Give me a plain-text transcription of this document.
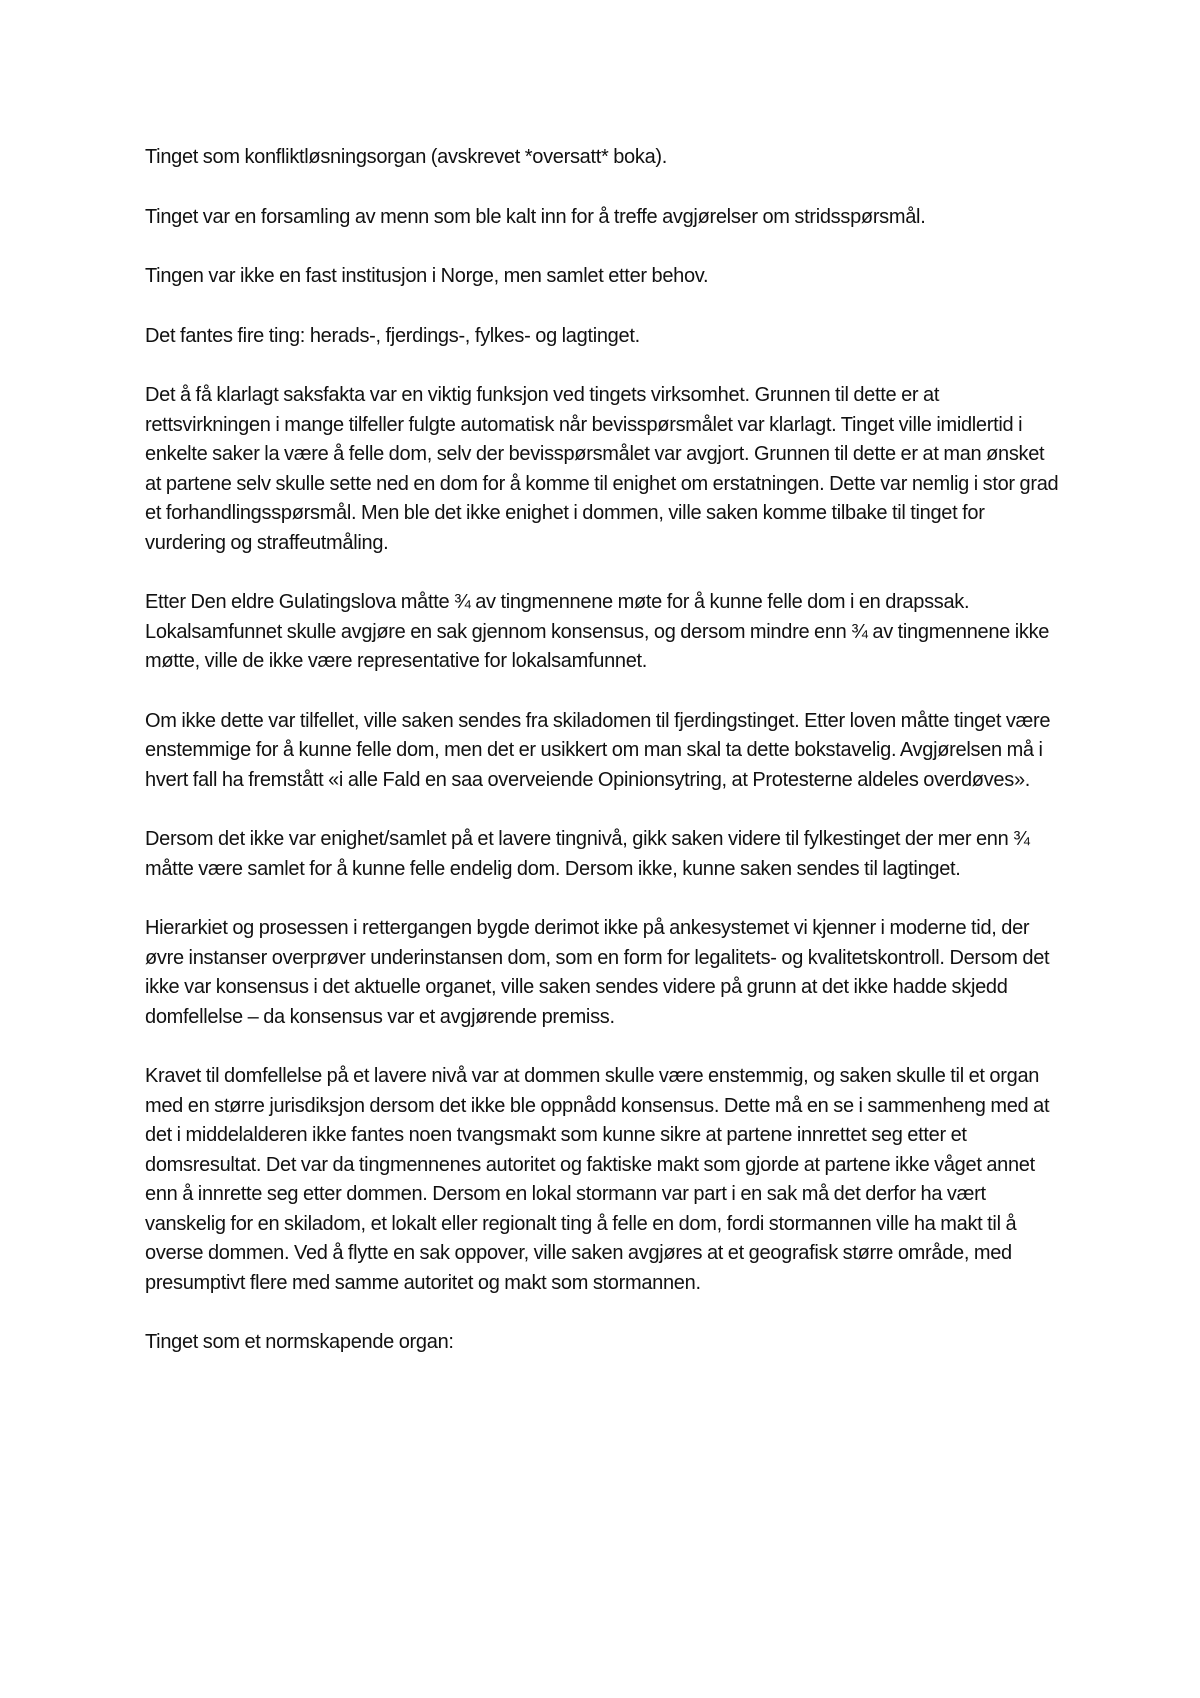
Tinget som konfliktløsningsorgan (avskrevet *oversatt* boka).

Tinget var en forsamling av menn som ble kalt inn for å treffe avgjørelser om stridsspørsmål.

Tingen var ikke en fast institusjon i Norge, men samlet etter behov.

Det fantes fire ting: herads-, fjerdings-, fylkes- og lagtinget.

Det å få klarlagt saksfakta var en viktig funksjon ved tingets virksomhet. Grunnen til dette er at rettsvirkningen i mange tilfeller fulgte automatisk når bevisspørsmålet var klarlagt. Tinget ville imidlertid i enkelte saker la være å felle dom, selv der bevisspørsmålet var avgjort. Grunnen til dette er at man ønsket at partene selv skulle sette ned en dom for å komme til enighet om erstatningen. Dette var nemlig i stor grad et forhandlingsspørsmål. Men ble det ikke enighet i dommen, ville saken komme tilbake til tinget for vurdering og straffeutmåling.

Etter Den eldre Gulatingslova måtte ¾ av tingmennene møte for å kunne felle dom i en drapssak. Lokalsamfunnet skulle avgjøre en sak gjennom konsensus, og dersom mindre enn ¾ av tingmennene ikke møtte, ville de ikke være representative for lokalsamfunnet.

Om ikke dette var tilfellet, ville saken sendes fra skiladomen til fjerdingstinget. Etter loven måtte tinget være enstemmige for å kunne felle dom, men det er usikkert om man skal ta dette bokstavelig. Avgjørelsen må i hvert fall ha fremstått «i alle Fald en saa overveiende Opinionsytring, at Protesterne aldeles overdøves».

Dersom det ikke var enighet/samlet på et lavere tingnivå, gikk saken videre til fylkestinget der mer enn ¾ måtte være samlet for å kunne felle endelig dom. Dersom ikke, kunne saken sendes til lagtinget.

Hierarkiet og prosessen i rettergangen bygde derimot ikke på ankesystemet vi kjenner i moderne tid, der øvre instanser overprøver underinstansen dom, som en form for legalitets- og kvalitetskontroll. Dersom det ikke var konsensus i det aktuelle organet, ville saken sendes videre på grunn at det ikke hadde skjedd domfellelse – da konsensus var et avgjørende premiss.

Kravet til domfellelse på et lavere nivå var at dommen skulle være enstemmig, og saken skulle til et organ med en større jurisdiksjon dersom det ikke ble oppnådd konsensus. Dette må en se i sammenheng med at det i middelalderen ikke fantes noen tvangsmakt som kunne sikre at partene innrettet seg etter et domsresultat. Det var da tingmennenes autoritet og faktiske makt som gjorde at partene ikke våget annet enn å innrette seg etter dommen. Dersom en lokal stormann var part i en sak må det derfor ha vært vanskelig for en skiladom, et lokalt eller regionalt ting å felle en dom, fordi stormannen ville ha makt til å overse dommen. Ved å flytte en sak oppover, ville saken avgjøres at et geografisk større område, med presumptivt flere med samme autoritet og makt som stormannen.

Tinget som et normskapende organ:
